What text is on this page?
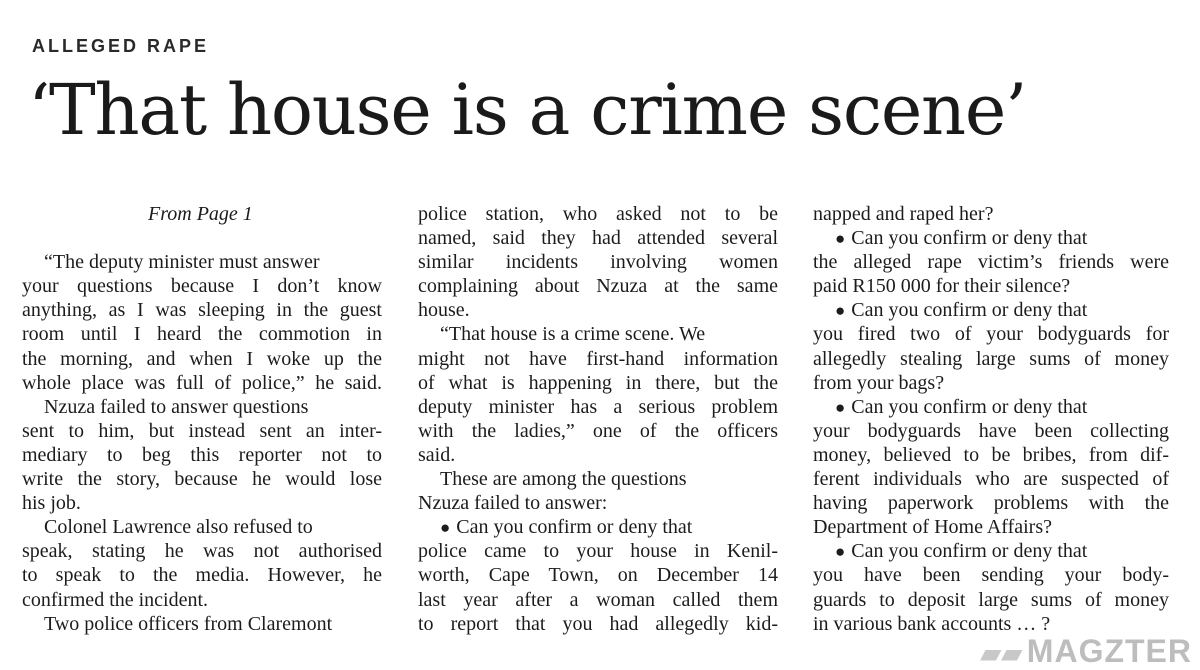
ALLEGED RAPE
‘That house is a crime scene’
From Page 1
“The deputy minister must answer
your questions because I don’t know
anything, as I was sleeping in the guest
room until I heard the commotion in
the morning, and when I woke up the
whole place was full of police,” he said.
Nzuza failed to answer questions
sent to him, but instead sent an inter-
mediary to beg this reporter not to
write the story, because he would lose
his job.
Colonel Lawrence also refused to
speak, stating he was not authorised
to speak to the media. However, he
confirmed the incident.
Two police officers from Claremont
police station, who asked not to be
named, said they had attended several
similar incidents involving women
complaining about Nzuza at the same
house.
“That house is a crime scene. We
might not have first-hand information
of what is happening in there, but the
deputy minister has a serious problem
with the ladies,” one of the officers
said.
These are among the questions
Nzuza failed to answer:
● Can you confirm or deny that
police came to your house in Kenil-
worth, Cape Town, on December 14
last year after a woman called them
to report that you had allegedly kid-
napped and raped her?
● Can you confirm or deny that
the alleged rape victim’s friends were
paid R150 000 for their silence?
● Can you confirm or deny that
you fired two of your bodyguards for
allegedly stealing large sums of money
from your bags?
● Can you confirm or deny that
your bodyguards have been collecting
money, believed to be bribes, from dif-
ferent individuals who are suspected of
having paperwork problems with the
Department of Home Affairs?
● Can you confirm or deny that
you have been sending your body-
guards to deposit large sums of money
in various bank accounts … ?
▰▰ MAGZTER
